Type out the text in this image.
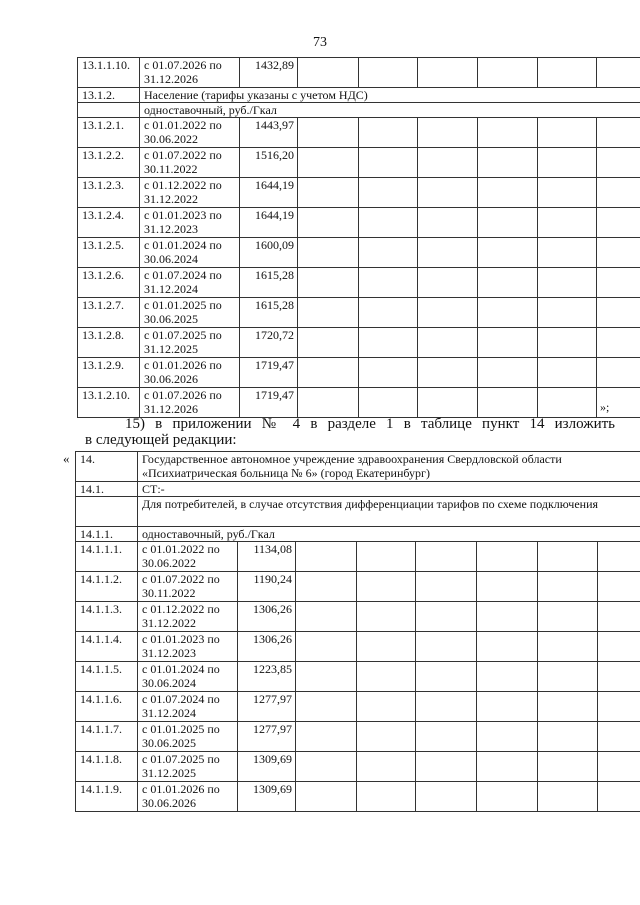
73
13.1.1.10.	с 01.07.2026 по
31.12.2026	1432,89						
13.1.2.	Население (тарифы указаны с учетом НДС)							
	одноставочный, руб./Гкал							
13.1.2.1.	с 01.01.2022 по
30.06.2022	1443,97						
13.1.2.2.	с 01.07.2022 по
30.11.2022	1516,20						
13.1.2.3.	с 01.12.2022 по
31.12.2022	1644,19						
13.1.2.4.	с 01.01.2023 по
31.12.2023	1644,19						
13.1.2.5.	с 01.01.2024 по
30.06.2024	1600,09						
13.1.2.6.	с 01.07.2024 по
31.12.2024	1615,28						
13.1.2.7.	с 01.01.2025 по
30.06.2025	1615,28						
13.1.2.8.	с 01.07.2025 по
31.12.2025	1720,72						
13.1.2.9.	с 01.01.2026 по
30.06.2026	1719,47						
13.1.2.10.	с 01.07.2026 по
31.12.2026	1719,47						
»;
15) в приложении № 4 в разделе 1 в таблице пункт 14 изложить
в следующей редакции:
« 14.	Государственное автономное учреждение здравоохранения Свердловской области «Психиатрическая больница № 6» (город Екатеринбург)							
14.1.	СТ:-							
	Для потребителей, в случае отсутствия дифференциации тарифов по схеме подключения							
14.1.1.	одноставочный, руб./Гкал							
14.1.1.1.	с 01.01.2022 по
30.06.2022	1134,08						
14.1.1.2.	с 01.07.2022 по
30.11.2022	1190,24						
14.1.1.3.	с 01.12.2022 по
31.12.2022	1306,26						
14.1.1.4.	с 01.01.2023 по
31.12.2023	1306,26						
14.1.1.5.	с 01.01.2024 по
30.06.2024	1223,85						
14.1.1.6.	с 01.07.2024 по
31.12.2024	1277,97						
14.1.1.7.	с 01.01.2025 по
30.06.2025	1277,97						
14.1.1.8.	с 01.07.2025 по
31.12.2025	1309,69						
14.1.1.9.	с 01.01.2026 по
30.06.2026	1309,69						
